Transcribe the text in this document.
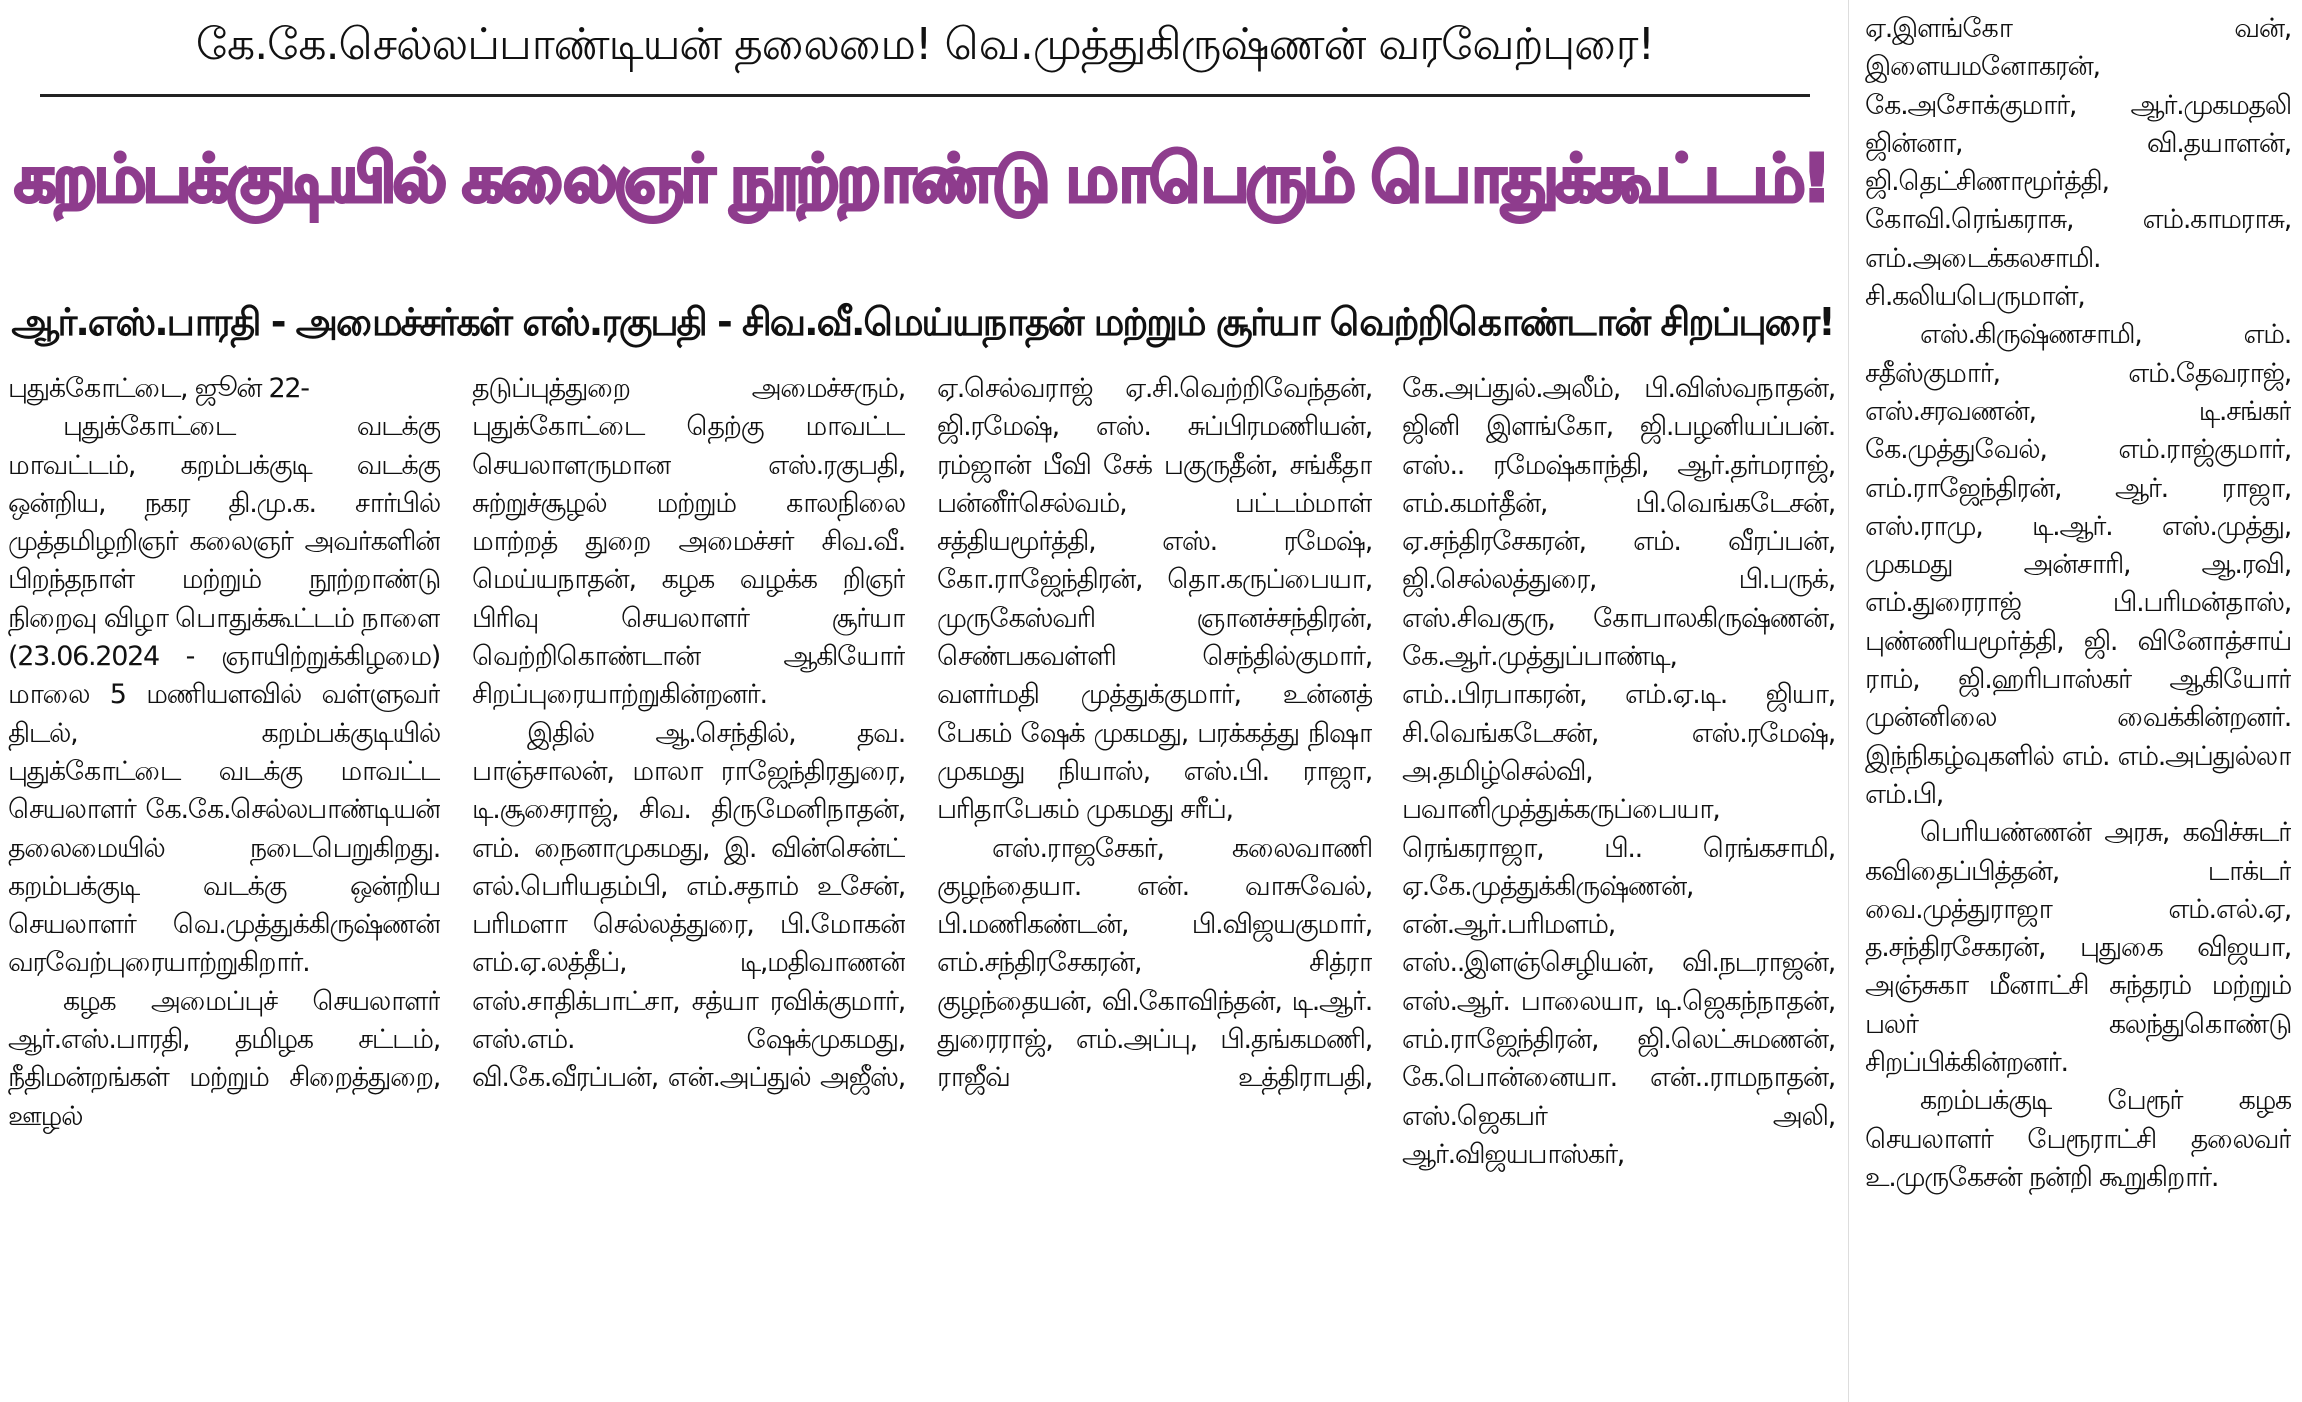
கே.கே.செல்லப்பாண்டியன் தலைமை! வெ.முத்துகிருஷ்ணன் வரவேற்புரை!
கறம்பக்குடியில் கலைஞர் நூற்றாண்டு மாபெரும் பொதுக்கூட்டம்!
ஆர்.எஸ்.பாரதி - அமைச்சர்கள் எஸ்.ரகுபதி - சிவ.வீ.மெய்யநாதன் மற்றும் சூர்யா வெற்றிகொண்டான் சிறப்புரை!

புதுக்கோட்டை, ஜூன் 22-

புதுக்கோட்டை வடக்கு மாவட்டம், கறம்பக்குடி வடக்கு ஒன்றிய, நகர தி.மு.க. சார்பில் முத்தமிழறிஞர் கலைஞர் அவர்களின் பிறந்தநாள் மற்றும் நூற்றாண்டு நிறைவு விழா பொதுக்கூட்டம் நாளை (23.06.2024 - ஞாயிற்றுக்கிழமை) மாலை 5 மணியளவில் வள்ளுவர் திடல், கறம்பக்குடியில் புதுக்கோட்டை வடக்கு மாவட்ட செயலாளர் கே.கே.செல்லபாண்டியன் தலைமையில் நடைபெறுகிறது. கறம்பக்குடி வடக்கு ஒன்றிய செயலாளர் வெ.முத்துக்கிருஷ்ணன் வரவேற்புரையாற்றுகிறார்.

கழக அமைப்புச் செயலாளர் ஆர்.எஸ்.பாரதி, தமிழக சட்டம், நீதிமன்றங்கள் மற்றும் சிறைத்துறை, ஊழல்

தடுப்புத்துறை அமைச்சரும், புதுக்கோட்டை தெற்கு மாவட்ட செயலாளருமான எஸ்.ரகுபதி, சுற்றுச்சூழல் மற்றும் காலநிலை மாற்றத் துறை அமைச்சர் சிவ.வீ. மெய்யநாதன், கழக வழக்க றிஞர் பிரிவு செயலாளர் சூர்யா வெற்றிகொண்டான் ஆகியோர் சிறப்புரையாற்றுகின்றனர்.

இதில் ஆ.செந்தில், தவ. பாஞ்சாலன், மாலா ராஜேந்திரதுரை, டி.சூசைராஜ், சிவ. திருமேனிநாதன், எம். நைனாமுகமது, இ. வின்சென்ட் எல்.பெரியதம்பி, எம்.சதாம் உசேன், பரிமளா செல்லத்துரை, பி.மோகன் எம்.ஏ.லத்தீப், டி,மதிவாணன் எஸ்.சாதிக்பாட்சா, சத்யா ரவிக்குமார், எஸ்.எம். ஷேக்முகமது, வி.கே.வீரப்பன், என்.அப்துல் அஜீஸ்,

ஏ.செல்வராஜ் ஏ.சி.வெற்றிவேந்தன், ஜி.ரமேஷ், எஸ். சுப்பிரமணியன், ரம்ஜான் பீவி சேக் பகுருதீன், சங்கீதா பன்னீர்செல்வம், பட்டம்மாள் சத்தியமூர்த்தி, எஸ். ரமேஷ், கோ.ராஜேந்திரன், தொ.கருப்பையா, முருகேஸ்வரி ஞானச்சந்திரன், செண்பகவள்ளி செந்தில்குமார், வளர்மதி முத்துக்குமார், உன்னத் பேகம் ஷேக் முகமது, பரக்கத்து நிஷா முகமது நியாஸ், எஸ்.பி. ராஜா, பரிதாபேகம் முகமது சரீப்,

எஸ்.ராஜசேகர், கலைவாணி குழந்தையா. என். வாசுவேல், பி.மணிகண்டன், பி.விஜயகுமார், எம்.சந்திரசேகரன், சித்ரா குழந்தையன், வி.கோவிந்தன், டி.ஆர். துரைராஜ், எம்.அப்பு, பி.தங்கமணி, ராஜீவ் உத்திராபதி,

கே.அப்துல்.அலீம், பி.விஸ்வநாதன், ஜினி இளங்கோ, ஜி.பழனியப்பன். எஸ்.. ரமேஷ்காந்தி, ஆர்.தர்மராஜ், எம்.கமர்தீன், பி.வெங்கடேசன், ஏ.சந்திரசேகரன், எம். வீரப்பன், ஜி.செல்லத்துரை, பி.பருக், எஸ்.சிவகுரு, கோபாலகிருஷ்ணன், கே.ஆர்.முத்துப்பாண்டி, எம்..பிரபாகரன், எம்.ஏ.டி. ஜியா, சி.வெங்கடேசன், எஸ்.ரமேஷ், அ.தமிழ்செல்வி, பவானிமுத்துக்கருப்பையா, ரெங்கராஜா, பி.. ரெங்கசாமி, ஏ.கே.முத்துக்கிருஷ்ணன், என்.ஆர்.பரிமளம், எஸ்..இளஞ்செழியன், வி.நடராஜன், எஸ்.ஆர். பாலையா, டி.ஜெகந்நாதன், எம்.ராஜேந்திரன், ஜி.லெட்சுமணன், கே.பொன்னையா. என்..ராமநாதன், எஸ்.ஜெகபர் அலி, ஆர்.விஜயபாஸ்கர்,

ஏ.இளங்கோ வன், இளையமனோகரன், கே.அசோக்குமார், ஆர்.முகமதலி ஜின்னா, வி.தயாளன், ஜி.தெட்சிணாமூர்த்தி, கோவி.ரெங்கராசு, எம்.காமராசு, எம்.அடைக்கலசாமி. சி.கலியபெருமாள்,

எஸ்.கிருஷ்ணசாமி, எம். சதீஸ்குமார், எம்.தேவராஜ், எஸ்.சரவணன், டி.சங்கர் கே.முத்துவேல், எம்.ராஜ்குமார், எம்.ராஜேந்திரன், ஆர். ராஜா, எஸ்.ராமு, டி.ஆர். எஸ்.முத்து, முகமது அன்சாரி, ஆ.ரவி, எம்.துரைராஜ் பி.பரிமன்தாஸ், புண்ணியமூர்த்தி, ஜி. வினோத்சாய் ராம், ஜி.ஹரிபாஸ்கர் ஆகியோர் முன்னிலை வைக்கின்றனர். இந்நிகழ்வுகளில் எம். எம்.அப்துல்லா எம்.பி,

பெரியண்ணன் அரசு, கவிச்சுடர் கவிதைப்பித்தன், டாக்டர் வை.முத்துராஜா எம்.எல்.ஏ, த.சந்திரசேகரன், புதுகை விஜயா, அஞ்சுகா மீனாட்சி சுந்தரம் மற்றும் பலர் கலந்துகொண்டு சிறப்பிக்கின்றனர்.

கறம்பக்குடி பேரூர் கழக செயலாளர் பேரூராட்சி தலைவர் உ.முருகேசன் நன்றி கூறுகிறார்.
